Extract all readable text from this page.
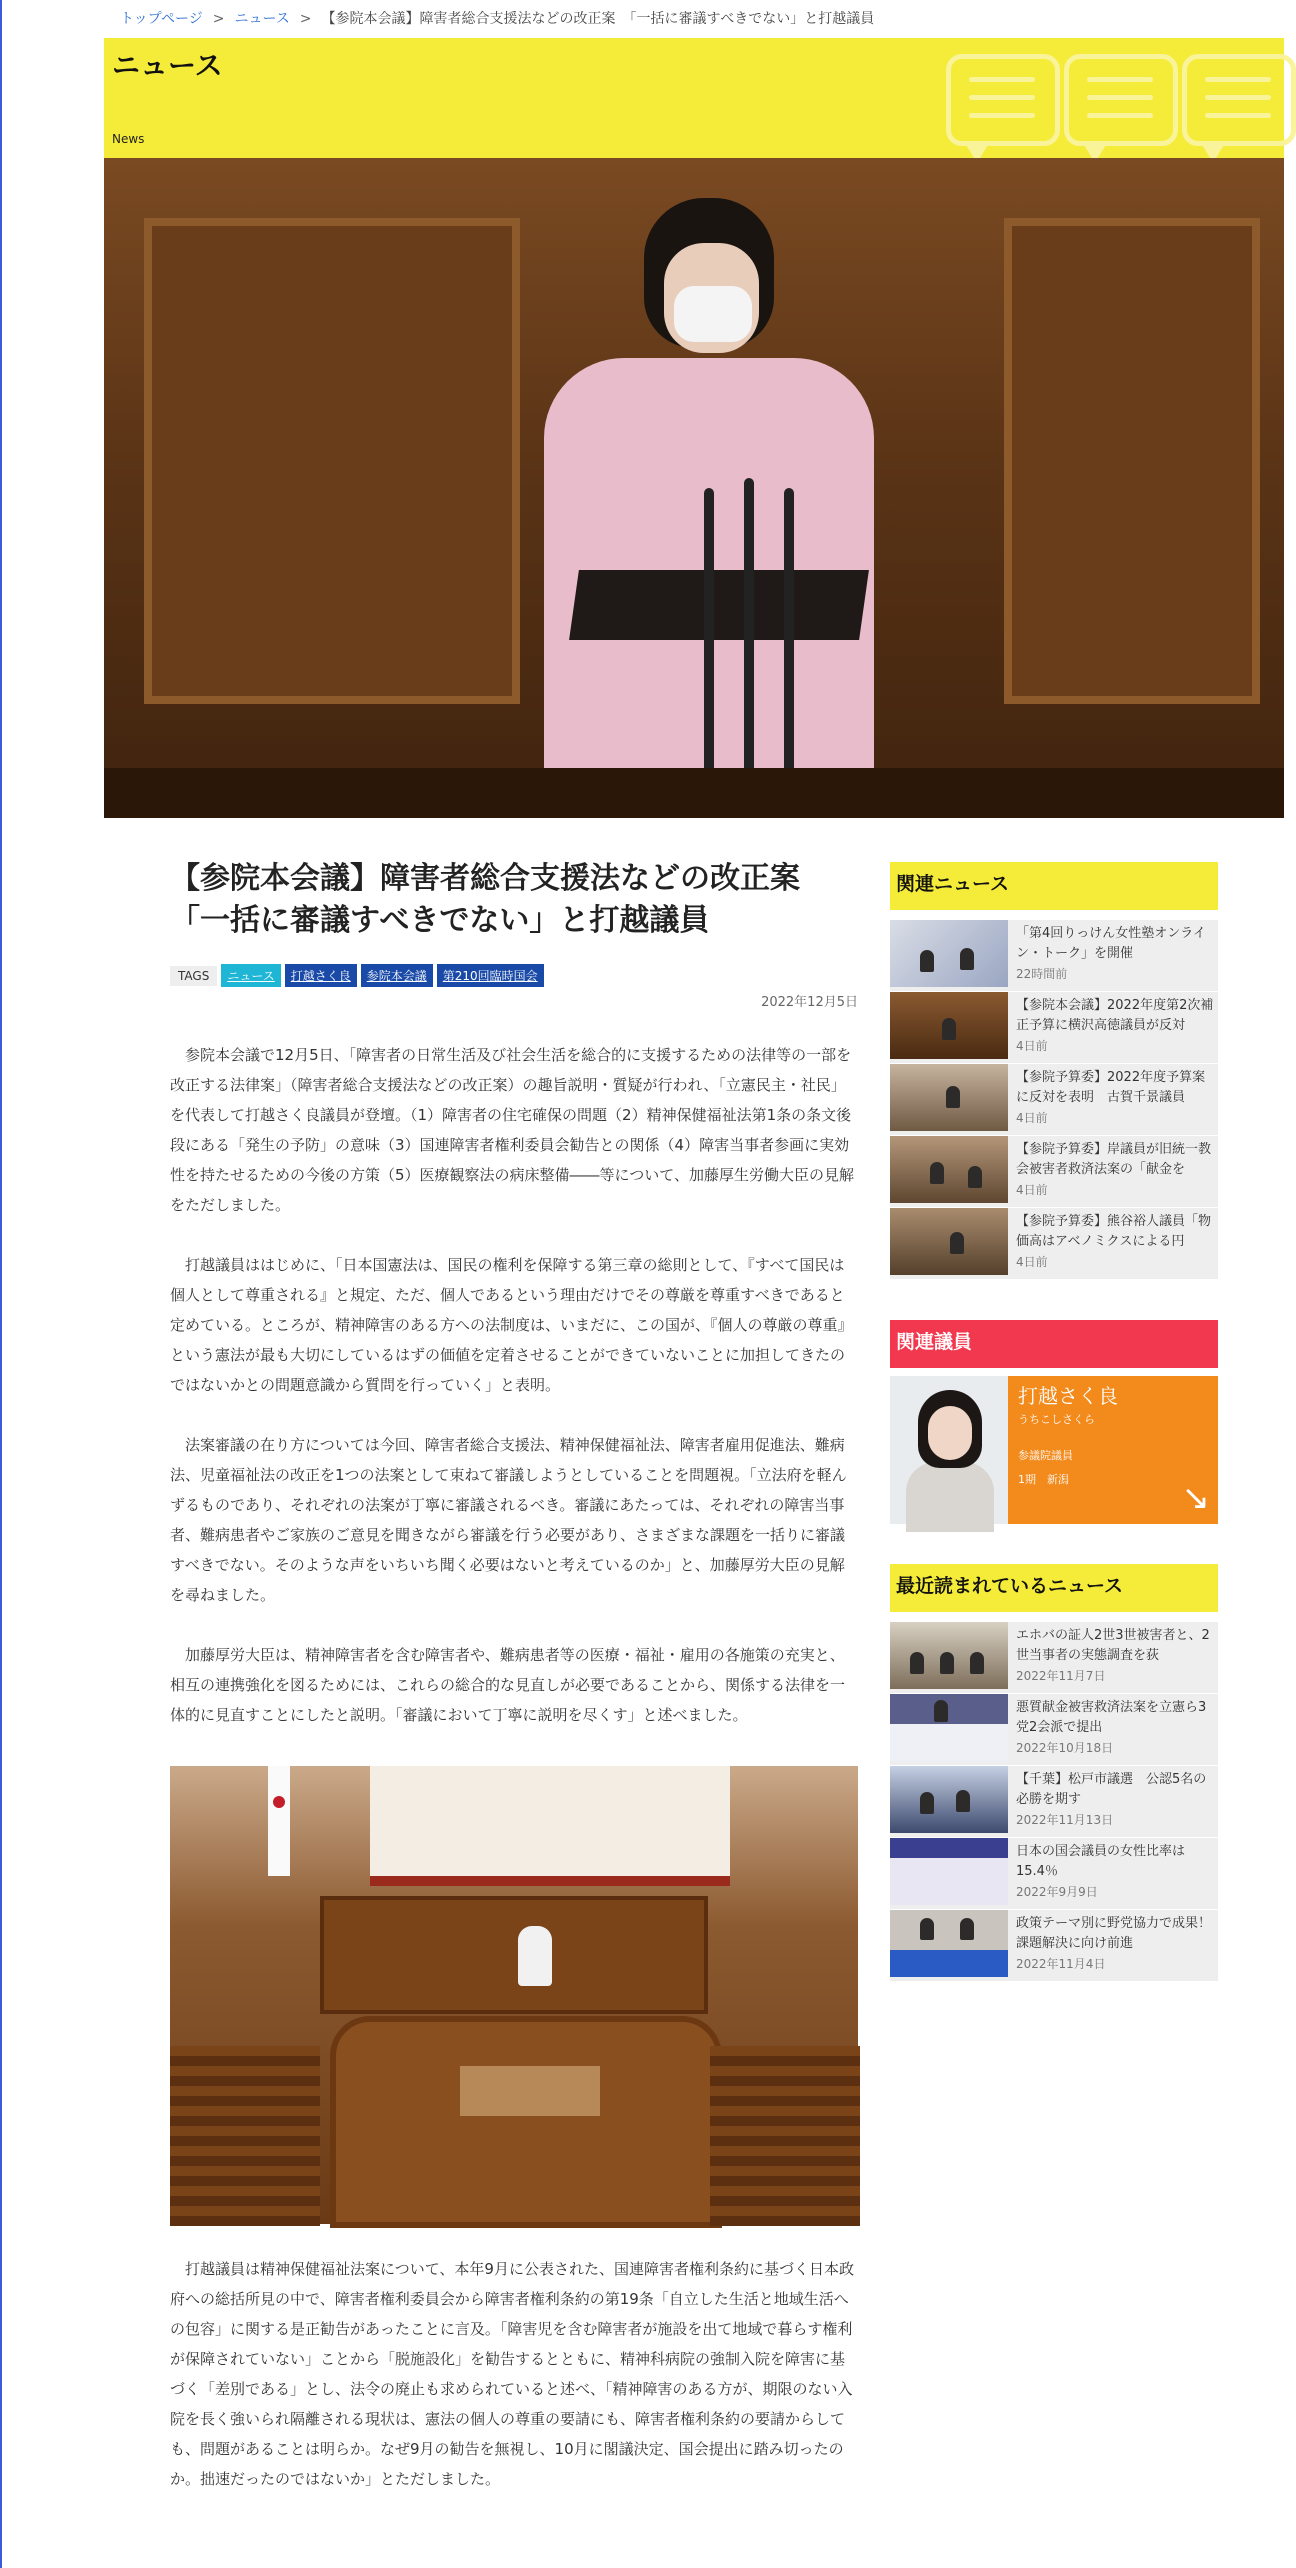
トップページ > ニュース > 【参院本会議】障害者総合支援法などの改正案　「一括に審議すべきでない」と打越議員
ニュース
News
【参院本会議】障害者総合支援法などの改正案
「一括に審議すべきでない」と打越議員
TAGS	ニュース	打越さく良	参院本会議	第210回臨時国会
2022年12月5日

参院本会議で12月5日、「障害者の日常生活及び社会生活を総合的に支援するための法律等の一部を改正する法律案」（障害者総合支援法などの改正案）の趣旨説明・質疑が行われ、「立憲民主・社民」を代表して打越さく良議員が登壇。（1）障害者の住宅確保の問題（2）精神保健福祉法第1条の条文後段にある「発生の予防」の意味（3）国連障害者権利委員会勧告との関係（4）障害当事者参画に実効性を持たせるための今後の方策（5）医療観察法の病床整備――等について、加藤厚生労働大臣の見解をただしました。

打越議員ははじめに、「日本国憲法は、国民の権利を保障する第三章の総則として、『すべて国民は個人として尊重される』と規定、ただ、個人であるという理由だけでその尊厳を尊重すべきであると定めている。ところが、精神障害のある方への法制度は、いまだに、この国が、『個人の尊厳の尊重』という憲法が最も大切にしているはずの価値を定着させることができていないことに加担してきたのではないかとの問題意識から質問を行っていく」と表明。

法案審議の在り方については今回、障害者総合支援法、精神保健福祉法、障害者雇用促進法、難病法、児童福祉法の改正を1つの法案として束ねて審議しようとしていることを問題視。「立法府を軽んずるものであり、それぞれの法案が丁寧に審議されるべき。審議にあたっては、それぞれの障害当事者、難病患者やご家族のご意見を聞きながら審議を行う必要があり、さまざまな課題を一括りに審議すべきでない。そのような声をいちいち聞く必要はないと考えているのか」と、加藤厚労大臣の見解を尋ねました。

加藤厚労大臣は、精神障害者を含む障害者や、難病患者等の医療・福祉・雇用の各施策の充実と、相互の連携強化を図るためには、これらの総合的な見直しが必要であることから、関係する法律を一体的に見直すことにしたと説明。「審議において丁寧に説明を尽くす」と述べました。

打越議員は精神保健福祉法案について、本年9月に公表された、国連障害者権利条約に基づく日本政府への総括所見の中で、障害者権利委員会から障害者権利条約の第19条「自立した生活と地域生活への包容」に関する是正勧告があったことに言及。「障害児を含む障害者が施設を出て地域で暮らす権利が保障されていない」ことから「脱施設化」を勧告するとともに、精神科病院の強制入院を障害に基づく「差別である」とし、法令の廃止も求められていると述べ、「精神障害のある方が、期限のない入院を長く強いられ隔離される現状は、憲法の個人の尊重の要請にも、障害者権利条約の要請からしても、問題があることは明らか。なぜ9月の勧告を無視し、10月に閣議決定、国会提出に踏み切ったのか。拙速だったのではないか」とただしました。

関連ニュース
「第4回りっけん女性塾オンライン・トーク」を開催
22時間前
【参院本会議】2022年度第2次補正予算に横沢高徳議員が反対
4日前
【参院予算委】2022年度予算案に反対を表明　古賀千景議員
4日前
【参院予算委】岸議員が旧統一教会被害者救済法案の「献金を
4日前
【参院予算委】熊谷裕人議員「物価高はアベノミクスによる円
4日前
関連議員
打越さく良
うちこしさくら
参議院議員
1期　新潟	↘
最近読まれているニュース
エホバの証人2世3世被害者と、2世当事者の実態調査を荻
2022年11月7日
悪質献金被害救済法案を立憲ら3党2会派で提出
2022年10月18日
【千葉】松戸市議選　公認5名の必勝を期す
2022年11月13日
日本の国会議員の女性比率は15.4％
2022年9月9日
政策テーマ別に野党協力で成果！　課題解決に向け前進
2022年11月4日
